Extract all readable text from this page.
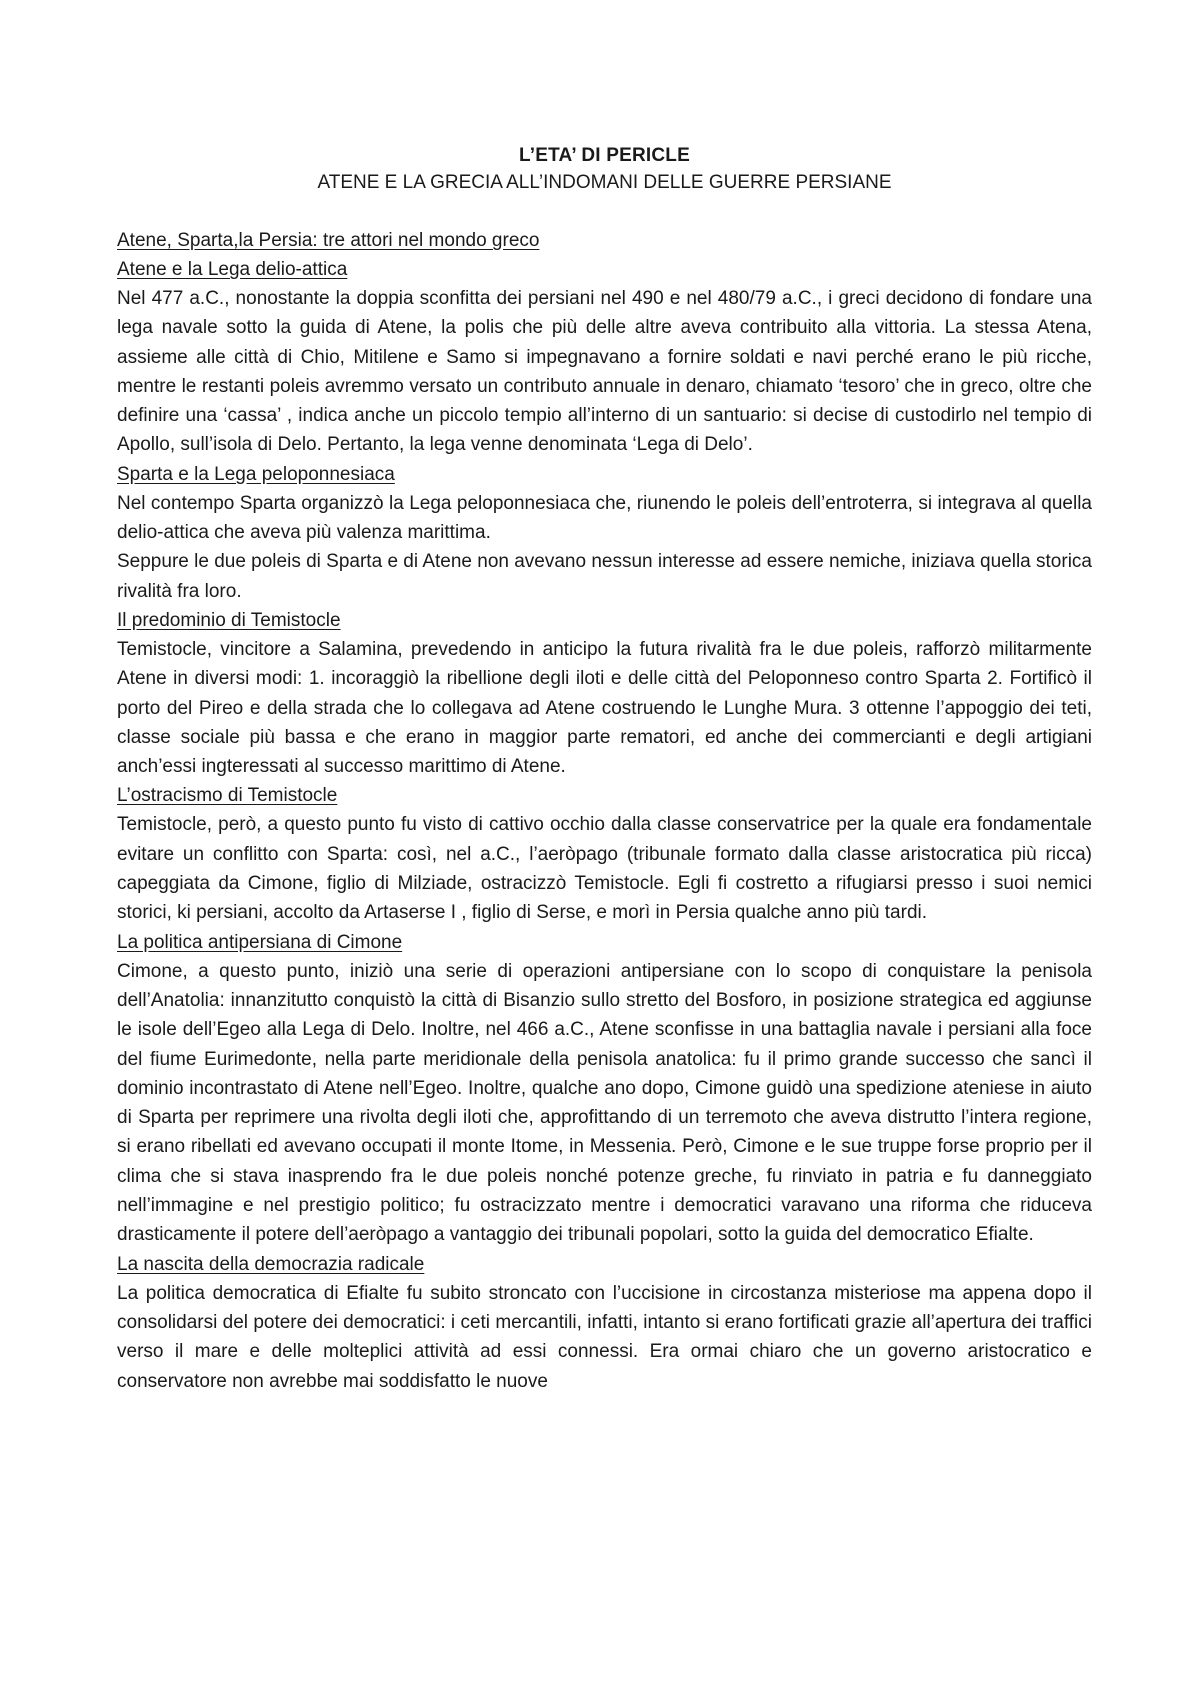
L’ETA’ DI PERICLE
ATENE E LA GRECIA ALL’INDOMANI DELLE GUERRE PERSIANE
Atene, Sparta,la Persia: tre attori nel mondo greco
Atene e la Lega delio-attica

Nel 477 a.C., nonostante la doppia sconfitta dei persiani nel 490 e nel 480/79 a.C., i greci decidono di fondare una lega navale sotto la guida di Atene, la polis che più delle altre aveva contribuito alla vittoria. La stessa Atena, assieme alle città di Chio, Mitilene e Samo si impegnavano a fornire soldati e navi perché erano le più ricche, mentre le restanti poleis avremmo versato un contributo annuale in denaro, chiamato ‘tesoro’ che in greco, oltre che definire una ‘cassa’ , indica anche un piccolo tempio all’interno di un santuario: si decise di custodirlo nel tempio di Apollo, sull’isola di Delo. Pertanto, la lega venne denominata ‘Lega di Delo’.

Sparta e la Lega peloponnesiaca

Nel contempo Sparta organizzò la Lega peloponnesiaca che, riunendo le poleis dell’entroterra, si integrava al quella delio-attica che aveva più valenza marittima.

Seppure le due poleis di Sparta e di Atene non avevano nessun interesse ad essere nemiche, iniziava quella storica rivalità fra loro.

Il predominio di Temistocle

Temistocle, vincitore a Salamina, prevedendo in anticipo la futura rivalità fra le due poleis, rafforzò militarmente Atene in diversi modi: 1. incoraggiò la ribellione degli iloti e delle città del Peloponneso contro Sparta 2. Fortificò il porto del Pireo e della strada che lo collegava ad Atene costruendo le Lunghe Mura. 3 ottenne l’appoggio dei teti, classe sociale più bassa e che erano in maggior parte rematori, ed anche dei commercianti e degli artigiani anch’essi ingteressati al successo marittimo di Atene.

L’ostracismo di Temistocle

Temistocle, però, a questo punto fu visto di cattivo occhio dalla classe conservatrice per la quale era fondamentale evitare un conflitto con Sparta: così, nel a.C., l’aeròpago (tribunale formato dalla classe aristocratica più ricca) capeggiata da Cimone, figlio di Milziade, ostracizzò Temistocle. Egli fi costretto a rifugiarsi presso i suoi nemici storici, ki persiani, accolto da Artaserse I , figlio di Serse, e morì in Persia qualche anno più tardi.

La politica antipersiana di Cimone

Cimone, a questo punto, iniziò una serie di operazioni antipersiane con lo scopo di conquistare la penisola dell’Anatolia: innanzitutto conquistò la città di Bisanzio sullo stretto del Bosforo, in posizione strategica ed aggiunse le isole dell’Egeo alla Lega di Delo. Inoltre, nel 466 a.C., Atene sconfisse in una battaglia navale i persiani alla foce del fiume Eurimedonte, nella parte meridionale della penisola anatolica: fu il primo grande successo che sancì il dominio incontrastato di Atene nell’Egeo. Inoltre, qualche ano dopo, Cimone guidò una spedizione ateniese in aiuto di Sparta per reprimere una rivolta degli iloti che, approfittando di un terremoto che aveva distrutto l’intera regione, si erano ribellati ed avevano occupati il monte Itome, in Messenia. Però, Cimone e le sue truppe forse proprio per il clima che si stava inasprendo fra le due poleis nonché potenze greche, fu rinviato in patria e fu danneggiato nell’immagine e nel prestigio politico; fu ostracizzato mentre i democratici varavano una riforma che riduceva drasticamente il potere dell’aeròpago a vantaggio dei tribunali popolari, sotto la guida del democratico Efialte.

La nascita della democrazia radicale

La politica democratica di Efialte fu subito stroncato con l’uccisione in circostanza misteriose ma appena dopo il consolidarsi del potere dei democratici: i ceti mercantili, infatti, intanto si erano fortificati grazie all’apertura dei traffici verso il mare e delle molteplici attività ad essi connessi. Era ormai chiaro che un governo aristocratico e conservatore non avrebbe mai soddisfatto le nuove
